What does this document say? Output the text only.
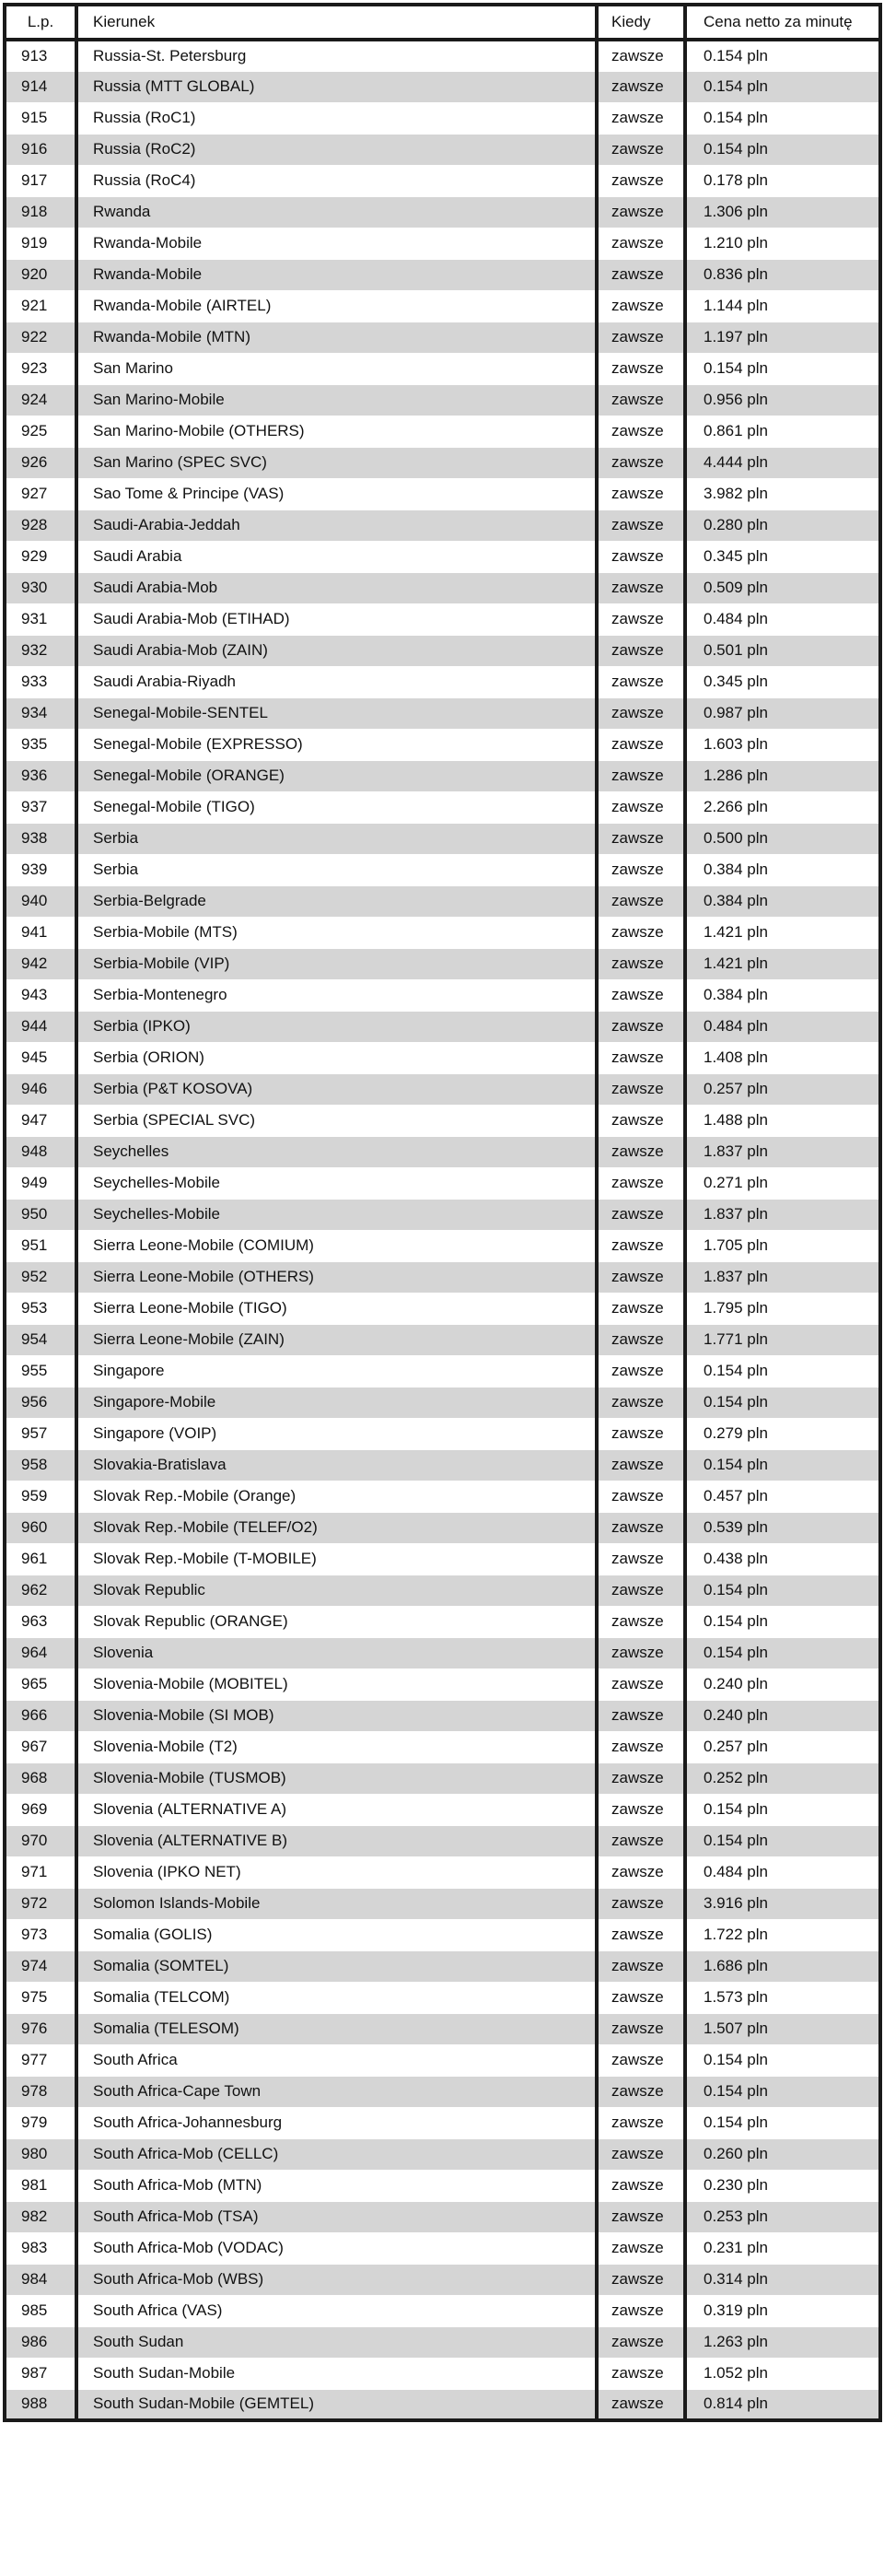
L.p.	Kierunek	Kiedy	Cena netto za minutę
913	Russia-St. Petersburg	zawsze	0.154 pln
914	Russia (MTT GLOBAL)	zawsze	0.154 pln
915	Russia (RoC1)	zawsze	0.154 pln
916	Russia (RoC2)	zawsze	0.154 pln
917	Russia (RoC4)	zawsze	0.178 pln
918	Rwanda	zawsze	1.306 pln
919	Rwanda-Mobile	zawsze	1.210 pln
920	Rwanda-Mobile	zawsze	0.836 pln
921	Rwanda-Mobile (AIRTEL)	zawsze	1.144 pln
922	Rwanda-Mobile (MTN)	zawsze	1.197 pln
923	San Marino	zawsze	0.154 pln
924	San Marino-Mobile	zawsze	0.956 pln
925	San Marino-Mobile (OTHERS)	zawsze	0.861 pln
926	San Marino (SPEC SVC)	zawsze	4.444 pln
927	Sao Tome & Principe (VAS)	zawsze	3.982 pln
928	Saudi-Arabia-Jeddah	zawsze	0.280 pln
929	Saudi Arabia	zawsze	0.345 pln
930	Saudi Arabia-Mob	zawsze	0.509 pln
931	Saudi Arabia-Mob (ETIHAD)	zawsze	0.484 pln
932	Saudi Arabia-Mob (ZAIN)	zawsze	0.501 pln
933	Saudi Arabia-Riyadh	zawsze	0.345 pln
934	Senegal-Mobile-SENTEL	zawsze	0.987 pln
935	Senegal-Mobile (EXPRESSO)	zawsze	1.603 pln
936	Senegal-Mobile (ORANGE)	zawsze	1.286 pln
937	Senegal-Mobile (TIGO)	zawsze	2.266 pln
938	Serbia	zawsze	0.500 pln
939	Serbia	zawsze	0.384 pln
940	Serbia-Belgrade	zawsze	0.384 pln
941	Serbia-Mobile (MTS)	zawsze	1.421 pln
942	Serbia-Mobile (VIP)	zawsze	1.421 pln
943	Serbia-Montenegro	zawsze	0.384 pln
944	Serbia (IPKO)	zawsze	0.484 pln
945	Serbia (ORION)	zawsze	1.408 pln
946	Serbia (P&T KOSOVA)	zawsze	0.257 pln
947	Serbia (SPECIAL SVC)	zawsze	1.488 pln
948	Seychelles	zawsze	1.837 pln
949	Seychelles-Mobile	zawsze	0.271 pln
950	Seychelles-Mobile	zawsze	1.837 pln
951	Sierra Leone-Mobile (COMIUM)	zawsze	1.705 pln
952	Sierra Leone-Mobile (OTHERS)	zawsze	1.837 pln
953	Sierra Leone-Mobile (TIGO)	zawsze	1.795 pln
954	Sierra Leone-Mobile (ZAIN)	zawsze	1.771 pln
955	Singapore	zawsze	0.154 pln
956	Singapore-Mobile	zawsze	0.154 pln
957	Singapore (VOIP)	zawsze	0.279 pln
958	Slovakia-Bratislava	zawsze	0.154 pln
959	Slovak Rep.-Mobile (Orange)	zawsze	0.457 pln
960	Slovak Rep.-Mobile (TELEF/O2)	zawsze	0.539 pln
961	Slovak Rep.-Mobile (T-MOBILE)	zawsze	0.438 pln
962	Slovak Republic	zawsze	0.154 pln
963	Slovak Republic (ORANGE)	zawsze	0.154 pln
964	Slovenia	zawsze	0.154 pln
965	Slovenia-Mobile (MOBITEL)	zawsze	0.240 pln
966	Slovenia-Mobile (SI MOB)	zawsze	0.240 pln
967	Slovenia-Mobile (T2)	zawsze	0.257 pln
968	Slovenia-Mobile (TUSMOB)	zawsze	0.252 pln
969	Slovenia (ALTERNATIVE A)	zawsze	0.154 pln
970	Slovenia (ALTERNATIVE B)	zawsze	0.154 pln
971	Slovenia (IPKO NET)	zawsze	0.484 pln
972	Solomon Islands-Mobile	zawsze	3.916 pln
973	Somalia (GOLIS)	zawsze	1.722 pln
974	Somalia (SOMTEL)	zawsze	1.686 pln
975	Somalia (TELCOM)	zawsze	1.573 pln
976	Somalia (TELESOM)	zawsze	1.507 pln
977	South Africa	zawsze	0.154 pln
978	South Africa-Cape Town	zawsze	0.154 pln
979	South Africa-Johannesburg	zawsze	0.154 pln
980	South Africa-Mob (CELLC)	zawsze	0.260 pln
981	South Africa-Mob (MTN)	zawsze	0.230 pln
982	South Africa-Mob (TSA)	zawsze	0.253 pln
983	South Africa-Mob (VODAC)	zawsze	0.231 pln
984	South Africa-Mob (WBS)	zawsze	0.314 pln
985	South Africa (VAS)	zawsze	0.319 pln
986	South Sudan	zawsze	1.263 pln
987	South Sudan-Mobile	zawsze	1.052 pln
988	South Sudan-Mobile (GEMTEL)	zawsze	0.814 pln
